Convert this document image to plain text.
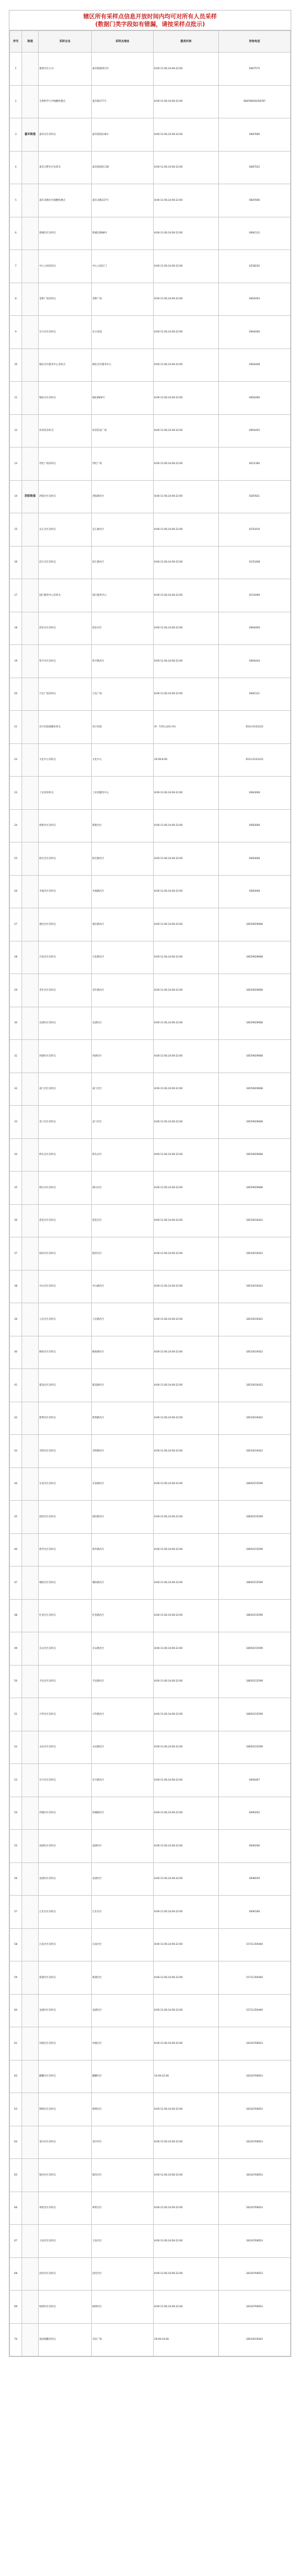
辖区所有采样点信息开放时间内均可对所有人员采样
(数据门类字段如有错漏，请按采样点批示)
序号	街道	采样点名	采样点地址	服务时间	咨询电话
1		逢州社区公司	嘉禾路逢州社区	8:00-11:00,14:00-22:00	6067575
2		生物科学大学核酸检测点	嘉禾路177号	8:00-11:00,14:00-22:00	6687666/6258787
3	嘉禾街道	嘉禾社区采样点	嘉禾街道128号	8:00-11:00,14:00-22:00	6687666
4		嘉禾江畔社区采样点	嘉禾街道滨江路	8:00-11:00,14:00-22:00	6687525
5		嘉禾北路社区核酸检测点	嘉禾北路237号	8:00-11:00,14:00-22:00	6687666
6		新城社区采样点	新城东路88号	8:00-11:00,14:00-22:00	6082112
7		中心公园采样点	中心公园东门	8:00-11:00,14:00-22:00	6258220
8		金桥广场采样点	金桥广场	8:00-11:00,14:00-22:00	6064404
9		东方社区采样点	东方花园	8:00-11:00,14:00-22:00	6064406
10		城东社区服务中心采样点	城东社区服务中心	8:00-11:00,14:00-22:00	6064408
11		城北社区采样点	城北路66号	8:00-11:00,14:00-22:00	6064466
12		体育馆采样点	体育馆北广场	8:00-11:00,14:00-22:00	6064405
13		世纪广场采样点	世纪广场	8:00-11:00,14:00-22:00	8251360
14	洪阳街道	洪阳社区采样点	洪阳路社区	8:00-11:00,14:00-22:00	6287821
15		长江社区采样点	长江路社区	8:00-11:00,14:00-22:00	6155410
16		滨江社区采样点	滨江路社区	8:00-11:00,14:00-22:00	6155408
17		园区服务中心采样点	园区服务中心	8:00-11:00,14:00-22:00	6151699
18		创业社区采样点	创业社区	8:00-11:00,14:00-22:00	6064409
19		和平社区采样点	和平路社区	8:00-11:00,14:00-22:00	6064444
20		万达广场采样点	万达广场	8:00-11:00,14:00-22:00	6082121
21		社区医院核酸采样点	社区医院	周一至周五(24小时)	0512-6152222
22		文化中心采样点	文化中心	20:00-8:00	0512-6152222
23		工业园采样点	工业园服务中心	8:00-11:00,14:00-22:00	6083008
24		新桥社区采样点	新桥社区	8:00-11:00,14:00-22:00	6083008
25		阳光社区采样点	阳光路社区	8:00-11:00,14:00-22:00	6083008
26		幸福社区采样点	幸福路社区	8:00-11:00,14:00-22:00	6083008
27		惠民社区采样点	惠民路社区	8:00-11:00,14:00-22:00	18559929668
28		百花社区采样点	百花路社区	8:00-11:00,14:00-22:00	18559929668
29		青年社区采样点	青年路社区	8:00-11:00,14:00-22:00	18559929668
30		东湖社区采样点	东湖社区	8:00-11:00,14:00-22:00	18559929668
31		西湖社区采样点	西湖社区	8:00-11:00,14:00-22:00	18559929668
32		南门社区采样点	南门社区	8:00-11:00,14:00-22:00	18559929668
33		北门社区采样点	北门社区	8:00-11:00,14:00-22:00	18559929668
34		桥头社区采样点	桥头社区	8:00-11:00,14:00-22:00	18559929668
35		塔山社区采样点	塔山社区	8:00-11:00,14:00-22:00	18559929668
36		莲花社区采样点	莲花社区	8:00-11:00,14:00-22:00	18510019422
37		海滨社区采样点	海滨社区	8:00-11:00,14:00-22:00	18510019422
38		中山社区采样点	中山路社区	8:00-11:00,14:00-22:00	18510019422
39		人民社区采样点	人民路社区	8:00-11:00,14:00-22:00	18510019422
40		解放社区采样点	解放路社区	8:00-11:00,14:00-22:00	18510019422
41		建设社区采样点	建设路社区	8:00-11:00,14:00-22:00	18510019422
42		胜利社区采样点	胜利路社区	8:00-11:00,14:00-22:00	18510019422
43		光明社区采样点	光明路社区	8:00-11:00,14:00-22:00	18510019422
44		友谊社区采样点	友谊路社区	8:00-11:00,14:00-22:00	18650155599
45		团结社区采样点	团结路社区	8:00-11:00,14:00-22:00	18650155599
46		新华社区采样点	新华路社区	8:00-11:00,14:00-22:00	18650155599
47		朝阳社区采样点	朝阳路社区	8:00-11:00,14:00-22:00	18650155599
48		红星社区采样点	红星路社区	8:00-11:00,14:00-22:00	18650155599
49		长安社区采样点	长安路社区	8:00-11:00,14:00-22:00	18650155599
50		平安社区采样点	平安路社区	8:00-11:00,14:00-22:00	18650155599
51		兴华社区采样点	兴华路社区	8:00-11:00,14:00-22:00	18650155599
52		永安社区采样点	永安路社区	8:00-11:00,14:00-22:00	18650155599
53		东升社区采样点	东升路社区	8:00-11:00,14:00-22:00	6094467
54		西城社区采样点	西城路社区	8:00-11:00,14:00-22:00	6090202
55		南湖社区采样点	南湖社区	8:00-11:00,14:00-22:00	6090206
56		北湖社区采样点	北湖社区	8:00-11:00,14:00-22:00	6098559
57		江北社区采样点	江北社区	8:00-11:00,14:00-22:00	6090166
58		江南社区采样点	江南社区	8:00-11:00,14:00-22:00	15711359440
59		新港社区采样点	新港社区	8:00-11:00,14:00-22:00	15711359440
60		龙湖社区采样点	龙湖社区	8:00-11:00,14:00-22:00	15711359440
61		凤凰社区采样点	凤凰社区	8:00-11:00,14:00-22:00	18120760653
62		麒麟社区采样点	麒麟社区	14:00-22:00	18120760653
63		锦绣社区采样点	锦绣社区	8:00-11:00,14:00-22:00	18120760653
64		金沙社区采样点	金沙社区	8:00-11:00,14:00-22:00	18120760653
65		银河社区采样点	银河社区	8:00-11:00,14:00-22:00	18120760653
66		翠苑社区采样点	翠苑社区	8:00-11:00,14:00-22:00	18120760653
67		玉泉社区采样点	玉泉社区	8:00-11:00,14:00-22:00	18120760653
68		清河社区采样点	清河社区	8:00-11:00,14:00-22:00	18120760653
69		绿洲社区采样点	绿洲社区	8:00-11:00,14:00-22:00	18120760653
70		夜间核酸采样点	市民广场	20:00-24:00	18510019422
